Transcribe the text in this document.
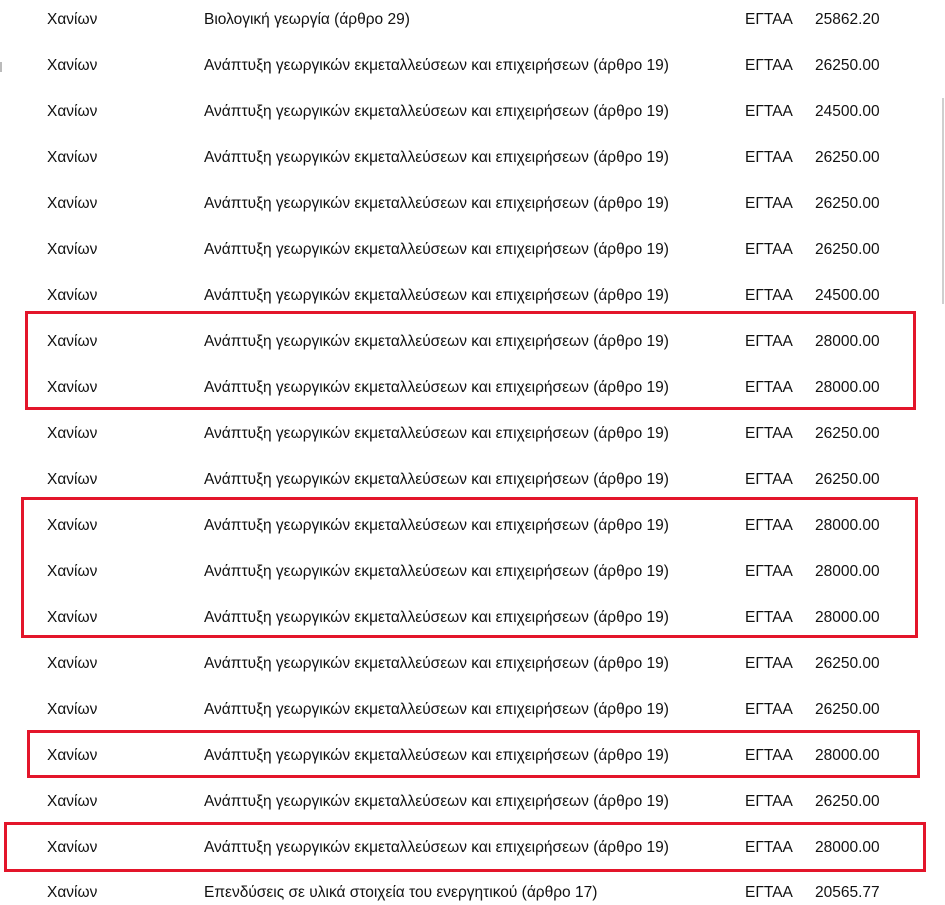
Χανίων	Βιολογική γεωργία (άρθρο 29)	ΕΓΤΑΑ 25862.20
Χανίων	Ανάπτυξη γεωργικών εκμεταλλεύσεων και επιχειρήσεων (άρθρο 19)	ΕΓΤΑΑ 26250.00
Χανίων	Ανάπτυξη γεωργικών εκμεταλλεύσεων και επιχειρήσεων (άρθρο 19)	ΕΓΤΑΑ 24500.00
Χανίων	Ανάπτυξη γεωργικών εκμεταλλεύσεων και επιχειρήσεων (άρθρο 19)	ΕΓΤΑΑ 26250.00
Χανίων	Ανάπτυξη γεωργικών εκμεταλλεύσεων και επιχειρήσεων (άρθρο 19)	ΕΓΤΑΑ 26250.00
Χανίων	Ανάπτυξη γεωργικών εκμεταλλεύσεων και επιχειρήσεων (άρθρο 19)	ΕΓΤΑΑ 26250.00
Χανίων	Ανάπτυξη γεωργικών εκμεταλλεύσεων και επιχειρήσεων (άρθρο 19)	ΕΓΤΑΑ 24500.00
Χανίων	Ανάπτυξη γεωργικών εκμεταλλεύσεων και επιχειρήσεων (άρθρο 19)	ΕΓΤΑΑ 28000.00
Χανίων	Ανάπτυξη γεωργικών εκμεταλλεύσεων και επιχειρήσεων (άρθρο 19)	ΕΓΤΑΑ 28000.00
Χανίων	Ανάπτυξη γεωργικών εκμεταλλεύσεων και επιχειρήσεων (άρθρο 19)	ΕΓΤΑΑ 26250.00
Χανίων	Ανάπτυξη γεωργικών εκμεταλλεύσεων και επιχειρήσεων (άρθρο 19)	ΕΓΤΑΑ 26250.00
Χανίων	Ανάπτυξη γεωργικών εκμεταλλεύσεων και επιχειρήσεων (άρθρο 19)	ΕΓΤΑΑ 28000.00
Χανίων	Ανάπτυξη γεωργικών εκμεταλλεύσεων και επιχειρήσεων (άρθρο 19)	ΕΓΤΑΑ 28000.00
Χανίων	Ανάπτυξη γεωργικών εκμεταλλεύσεων και επιχειρήσεων (άρθρο 19)	ΕΓΤΑΑ 28000.00
Χανίων	Ανάπτυξη γεωργικών εκμεταλλεύσεων και επιχειρήσεων (άρθρο 19)	ΕΓΤΑΑ 26250.00
Χανίων	Ανάπτυξη γεωργικών εκμεταλλεύσεων και επιχειρήσεων (άρθρο 19)	ΕΓΤΑΑ 26250.00
Χανίων	Ανάπτυξη γεωργικών εκμεταλλεύσεων και επιχειρήσεων (άρθρο 19)	ΕΓΤΑΑ 28000.00
Χανίων	Ανάπτυξη γεωργικών εκμεταλλεύσεων και επιχειρήσεων (άρθρο 19)	ΕΓΤΑΑ 26250.00
Χανίων	Ανάπτυξη γεωργικών εκμεταλλεύσεων και επιχειρήσεων (άρθρο 19)	ΕΓΤΑΑ 28000.00
Χανίων	Επενδύσεις σε υλικά στοιχεία του ενεργητικού (άρθρο 17)	ΕΓΤΑΑ 20565.77
